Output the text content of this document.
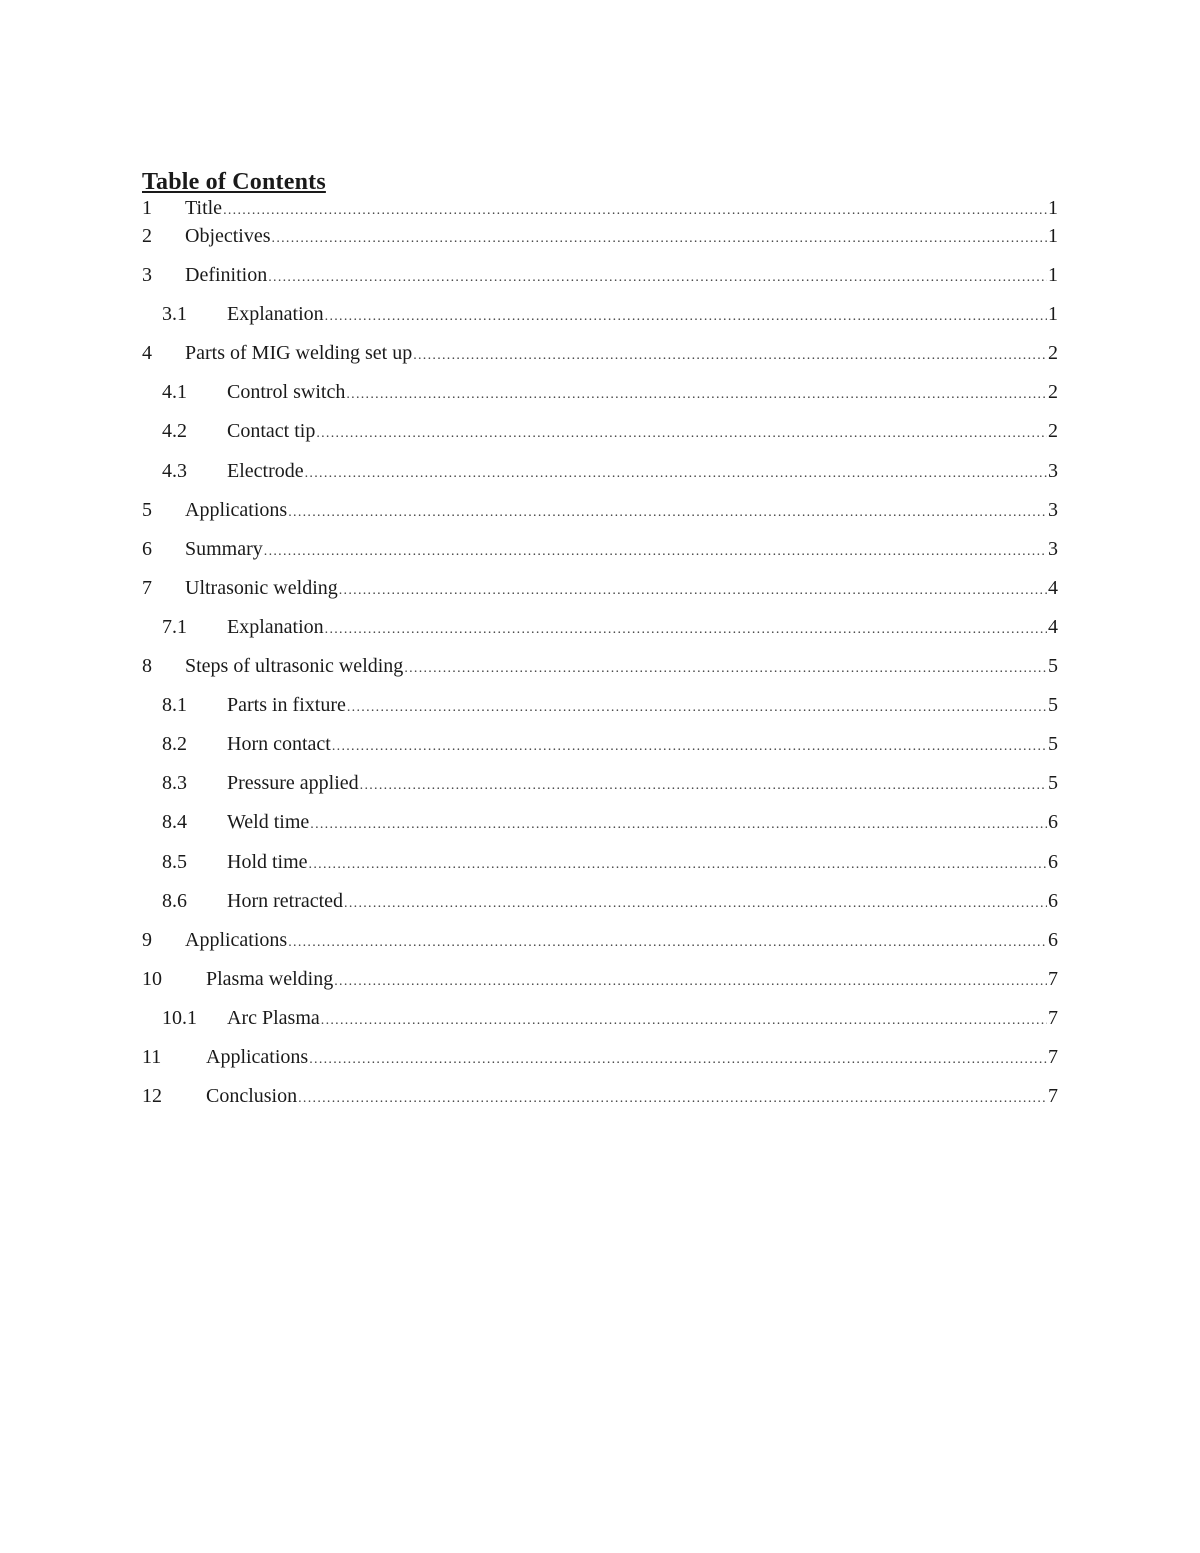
Table of Contents
1	Title .....	1
2	Objectives .....	1
3	Definition .....	1
3.1	Explanation .....	1
4	Parts of MIG welding set up .....	2
4.1	Control switch .....	2
4.2	Contact tip .....	2
4.3	Electrode .....	3
5	Applications .....	3
6	Summary .....	3
7	Ultrasonic welding .....	4
7.1	Explanation .....	4
8	Steps of ultrasonic welding .....	5
8.1	Parts in fixture .....	5
8.2	Horn contact .....	5
8.3	Pressure applied .....	5
8.4	Weld time .....	6
8.5	Hold time .....	6
8.6	Horn retracted .....	6
9	Applications .....	6
10	Plasma welding .....	7
10.1	Arc Plasma .....	7
11	Applications .....	7
12	Conclusion .....	7
